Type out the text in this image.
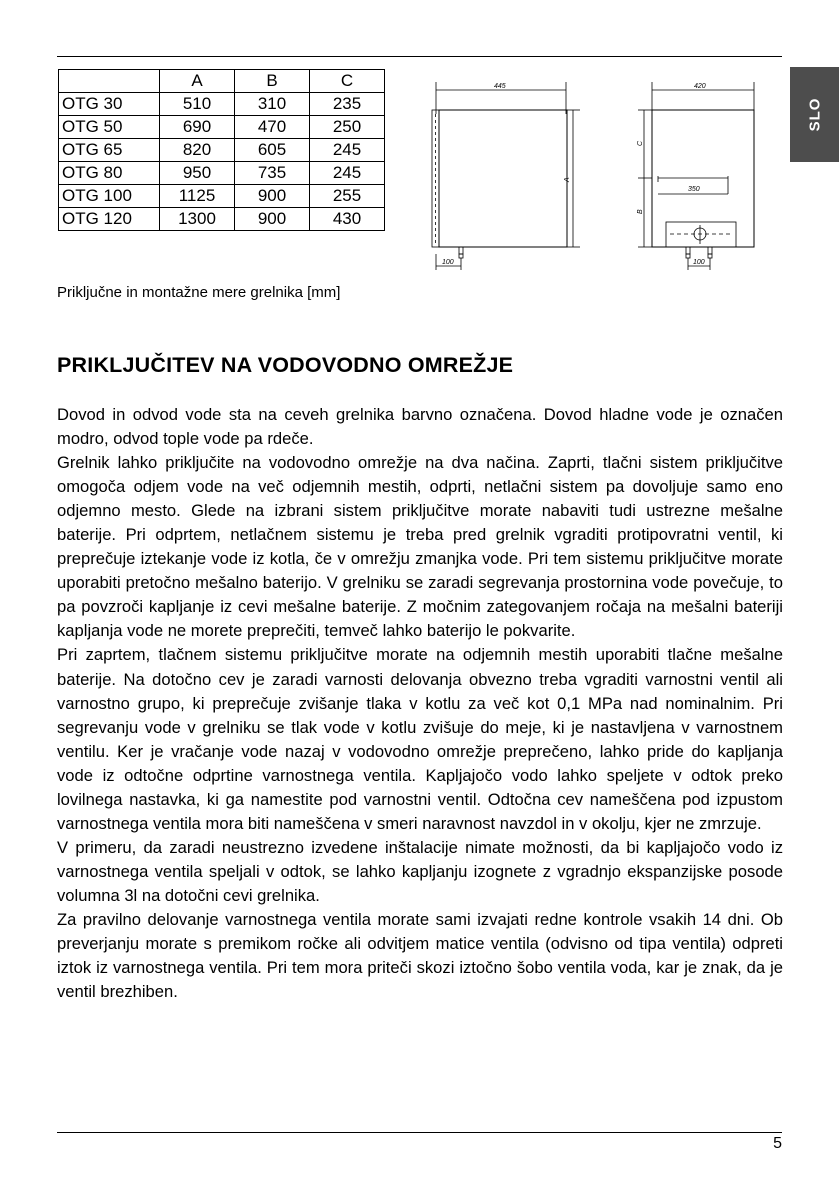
SLO
	A	B	C
OTG 30	510	310	235
OTG 50	690	470	250
OTG 65	820	605	245
OTG 80	950	735	245
OTG 100	1125	900	255
OTG 120	1300	900	430
445
A
100
420
350
C
B
100
Priključne in montažne mere grelnika [mm]
PRIKLJUČITEV NA VODOVODNO OMREŽJE

Dovod in odvod vode sta na ceveh grelnika barvno označena. Dovod hladne vode je označen modro, odvod tople vode pa rdeče.

Grelnik lahko priključite na vodovodno omrežje na dva načina. Zaprti, tlačni sistem priključitve omogoča odjem vode na več odjemnih mestih, odprti, netlačni sistem pa dovoljuje samo eno odjemno mesto. Glede na izbrani sistem priključitve morate nabaviti tudi ustrezne mešalne baterije. Pri odprtem, netlačnem sistemu je treba pred grelnik vgraditi protipovratni ventil, ki preprečuje iztekanje vode iz kotla, če v omrežju zmanjka vode. Pri tem sistemu priključitve morate uporabiti pretočno mešalno baterijo. V grelniku se zaradi segrevanja prostornina vode povečuje, to pa povzroči kapljanje iz cevi mešalne baterije. Z močnim zategovanjem ročaja na mešalni bateriji kapljanja vode ne morete preprečiti, temveč lahko baterijo le pokvarite.

Pri zaprtem, tlačnem sistemu priključitve morate na odjemnih mestih uporabiti tlačne mešalne baterije. Na dotočno cev je zaradi varnosti delovanja obvezno treba vgraditi varnostni ventil ali varnostno grupo, ki preprečuje zvišanje tlaka v kotlu za več kot 0,1 MPa nad nominalnim. Pri segrevanju vode v grelniku se tlak vode v kotlu zvišuje do meje, ki je nastavljena v varnostnem ventilu. Ker je vračanje vode nazaj v vodovodno omrežje preprečeno, lahko pride do kapljanja vode iz odtočne odprtine varnostnega ventila. Kapljajočo vodo lahko speljete v odtok preko lovilnega nastavka, ki ga namestite pod varnostni ventil. Odtočna cev nameščena pod izpustom varnostnega ventila mora biti nameščena v smeri naravnost navzdol in v okolju, kjer ne zmrzuje.

V primeru, da zaradi neustrezno izvedene inštalacije nimate možnosti, da bi kapljajočo vodo iz varnostnega ventila speljali v odtok, se lahko kapljanju izognete z vgradnjo ekspanzijske posode volumna 3l na dotočni cevi grelnika.

Za pravilno delovanje varnostnega ventila morate sami izvajati redne kontrole vsakih 14 dni. Ob preverjanju morate s premikom ročke ali odvitjem matice ventila (odvisno od tipa ventila) odpreti iztok iz varnostnega ventila. Pri tem mora priteči skozi iztočno šobo ventila voda, kar je znak, da je ventil brezhiben.

5
